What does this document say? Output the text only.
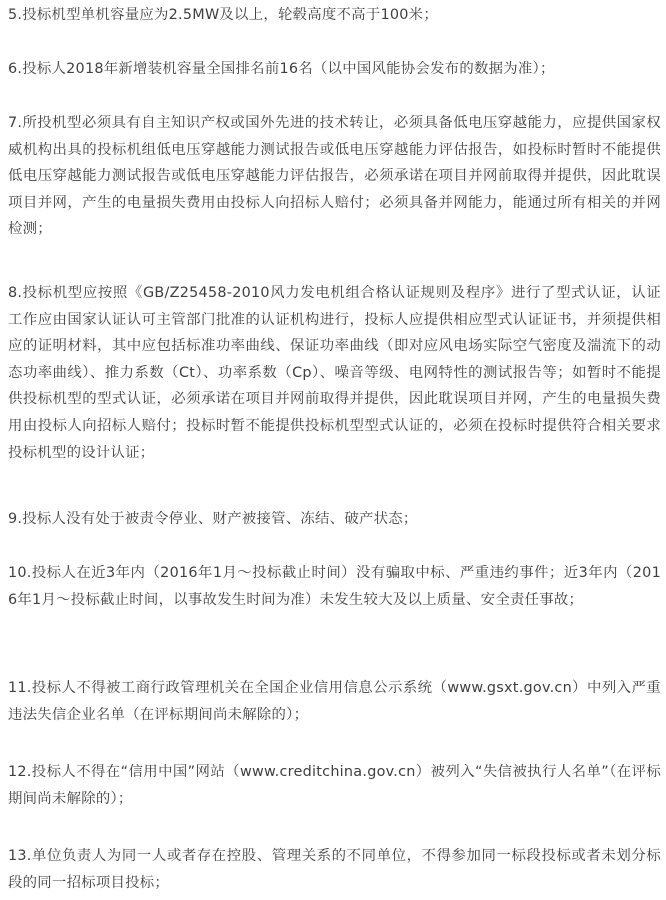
5.投标机型单机容量应为2.5MW及以上，轮毂高度不高于100米；

6.投标人2018年新增装机容量全国排名前16名（以中国风能协会发布的数据为准）；

7.所投机型必须具有自主知识产权或国外先进的技术转让，必须具备低电压穿越能力，应提供国家权威机构出具的投标机组低电压穿越能力测试报告或低电压穿越能力评估报告，如投标时暂时不能提供低电压穿越能力测试报告或低电压穿越能力评估报告，必须承诺在项目并网前取得并提供，因此耽误项目并网，产生的电量损失费用由投标人向招标人赔付；必须具备并网能力，能通过所有相关的并网检测；

8.投标机型应按照《GB/Z25458-2010风力发电机组合格认证规则及程序》进行了型式认证，认证工作应由国家认证认可主管部门批准的认证机构进行，投标人应提供相应型式认证证书，并须提供相应的证明材料，其中应包括标准功率曲线、保证功率曲线（即对应风电场实际空气密度及湍流下的动态功率曲线）、推力系数（Ct）、功率系数（Cp）、噪音等级、电网特性的测试报告等；如暂时不能提供投标机型的型式认证，必须承诺在项目并网前取得并提供，因此耽误项目并网，产生的电量损失费用由投标人向招标人赔付；投标时暂不能提供投标机型型式认证的，必须在投标时提供符合相关要求投标机型的设计认证；

9.投标人没有处于被责令停业、财产被接管、冻结、破产状态；

10.投标人在近3年内（2016年1月～投标截止时间）没有骗取中标、严重违约事件；近3年内（2016年1月～投标截止时间，以事故发生时间为准）未发生较大及以上质量、安全责任事故；

11.投标人不得被工商行政管理机关在全国企业信用信息公示系统（www.gsxt.gov.cn）中列入严重违法失信企业名单（在评标期间尚未解除的）；

12.投标人不得在“信用中国”网站（www.creditchina.gov.cn）被列入“失信被执行人名单”（在评标期间尚未解除的）；

13.单位负责人为同一人或者存在控股、管理关系的不同单位，不得参加同一标段投标或者未划分标段的同一招标项目投标；
